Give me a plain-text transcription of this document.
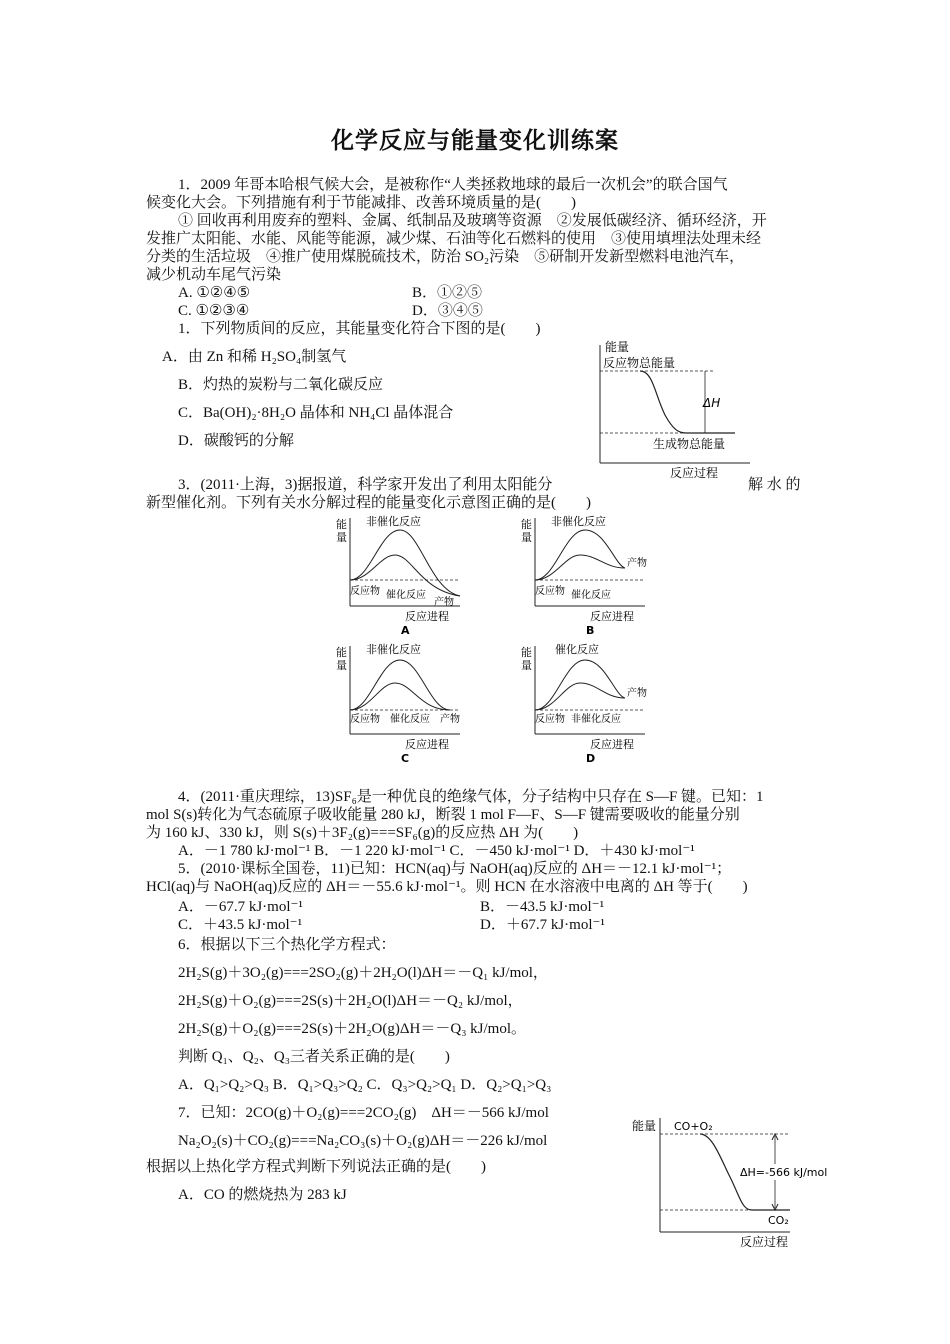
化学反应与能量变化训练案
1．2009 年哥本哈根气候大会，是被称作“人类拯救地球的最后一次机会”的联合国气
候变化大会。下列措施有利于节能减排、改善环境质量的是(　　)
① 回收再利用废弃的塑料、金属、纸制品及玻璃等资源　②发展低碳经济、循环经济，开
发推广太阳能、水能、风能等能源，减少煤、石油等化石燃料的使用　③使用填埋法处理未经
分类的生活垃圾　④推广使用煤脱硫技术，防治 SO₂污染　⑤研制开发新型燃料电池汽车，
减少机动车尾气污染
A. ①②④⑤	B．①②⑤
C. ①②③④	D．③④⑤
1．下列物质间的反应，其能量变化符合下图的是(　　)
A．由 Zn 和稀 H₂SO₄制氢气
B．灼热的炭粉与二氧化碳反应
C．Ba(OH)₂·8H₂O 晶体和 NH₄Cl 晶体混合
D．碳酸钙的分解
能量
反应物总能量
ΔH
生成物总能量
反应过程
3．(2011·上海，3)据报道，科学家开发出了利用太阳能分	解 水 的
新型催化剂。下列有关水分解过程的能量变化示意图正确的是(　　)
能
量
非催化反应
反应物 催化反应
产物
反应进程
A
能
量
非催化反应
产物
反应物 催化反应
反应进程
B
能
量
非催化反应
反应物 催化反应 产物
反应进程
C
能
量
催化反应
产物
反应物 非催化反应
反应进程
D
4．(2011·重庆理综，13)SF₆是一种优良的绝缘气体，分子结构中只存在 S—F 键。已知：1
mol S(s)转化为气态硫原子吸收能量 280 kJ，断裂 1 mol F—F、S—F 键需要吸收的能量分别
为 160 kJ、330 kJ，则 S(s)＋3F₂(g)===SF₆(g)的反应热 ΔH 为(　　)
A．－1 780 kJ·mol⁻¹ B．－1 220 kJ·mol⁻¹ C．－450 kJ·mol⁻¹ D．＋430 kJ·mol⁻¹
5．(2010·课标全国卷，11)已知：HCN(aq)与 NaOH(aq)反应的 ΔH＝－12.1 kJ·mol⁻¹；
HCl(aq)与 NaOH(aq)反应的 ΔH＝－55.6 kJ·mol⁻¹。则 HCN 在水溶液中电离的 ΔH 等于(　　)
A．－67.7 kJ·mol⁻¹	B．－43.5 kJ·mol⁻¹
C．＋43.5 kJ·mol⁻¹	D．＋67.7 kJ·mol⁻¹
6．根据以下三个热化学方程式：
2H₂S(g)＋3O₂(g)===2SO₂(g)＋2H₂O(l)ΔH＝－Q₁ kJ/mol，
2H₂S(g)＋O₂(g)===2S(s)＋2H₂O(l)ΔH＝－Q₂ kJ/mol，
2H₂S(g)＋O₂(g)===2S(s)＋2H₂O(g)ΔH＝－Q₃ kJ/mol。
判断 Q₁、Q₂、Q₃三者关系正确的是(　　)
A．Q₁>Q₂>Q₃ B．Q₁>Q₃>Q₂ C．Q₃>Q₂>Q₁ D．Q₂>Q₁>Q₃
7．已知：2CO(g)＋O₂(g)===2CO₂(g)　ΔH＝－566 kJ/mol
Na₂O₂(s)＋CO₂(g)===Na₂CO₃(s)＋O₂(g)ΔH＝－226 kJ/mol
根据以上热化学方程式判断下列说法正确的是(　　)
A．CO 的燃烧热为 283 kJ
能量 CO+O₂
ΔH=-566 kJ/mol
CO₂
反应过程
